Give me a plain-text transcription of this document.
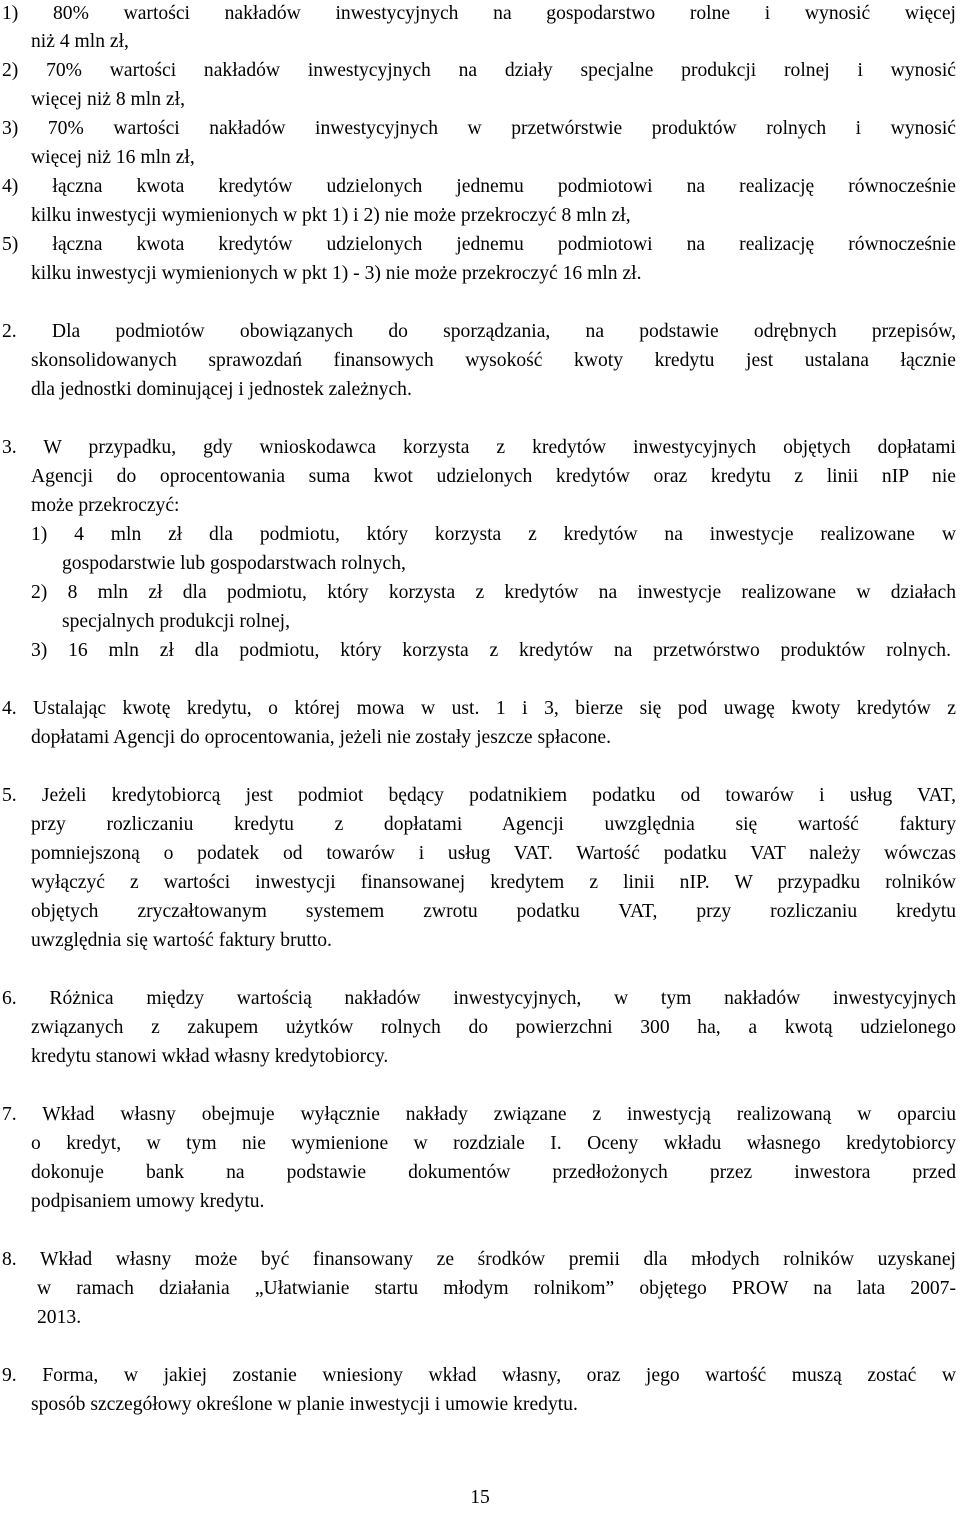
1) 80% wartości nakładów inwestycyjnych na gospodarstwo rolne i wynosić więcej
niż 4 mln zł,
2) 70% wartości nakładów inwestycyjnych na działy specjalne produkcji rolnej i wynosić
więcej niż 8 mln zł,
3) 70% wartości nakładów inwestycyjnych w przetwórstwie produktów rolnych i wynosić
więcej niż 16 mln zł,
4) łączna kwota kredytów udzielonych jednemu podmiotowi na realizację równocześnie
kilku inwestycji wymienionych w pkt 1) i 2) nie może przekroczyć 8 mln zł,
5) łączna kwota kredytów udzielonych jednemu podmiotowi na realizację równocześnie
kilku inwestycji wymienionych w pkt 1) - 3) nie może przekroczyć 16 mln zł.
2. Dla podmiotów obowiązanych do sporządzania, na podstawie odrębnych przepisów,
skonsolidowanych sprawozdań finansowych wysokość kwoty kredytu jest ustalana łącznie
dla jednostki dominującej i jednostek zależnych.
3. W przypadku, gdy wnioskodawca korzysta z kredytów inwestycyjnych objętych dopłatami
Agencji do oprocentowania suma kwot udzielonych kredytów oraz kredytu z linii nIP nie
może przekroczyć:
1) 4 mln zł dla podmiotu, który korzysta z kredytów na inwestycje realizowane w
gospodarstwie lub gospodarstwach rolnych,
2) 8 mln zł dla podmiotu, który korzysta z kredytów na inwestycje realizowane w działach
specjalnych produkcji rolnej,
3) 16 mln zł dla podmiotu, który korzysta z kredytów na przetwórstwo produktów rolnych.
4. Ustalając kwotę kredytu, o której mowa w ust. 1 i 3, bierze się pod uwagę kwoty kredytów z
dopłatami Agencji do oprocentowania, jeżeli nie zostały jeszcze spłacone.
5. Jeżeli kredytobiorcą jest podmiot będący podatnikiem podatku od towarów i usług VAT,
przy rozliczaniu kredytu z dopłatami Agencji uwzględnia się wartość faktury
pomniejszoną o podatek od towarów i usług VAT. Wartość podatku VAT należy wówczas
wyłączyć z wartości inwestycji finansowanej kredytem z linii nIP. W przypadku rolników
objętych zryczałtowanym systemem zwrotu podatku VAT, przy rozliczaniu kredytu
uwzględnia się wartość faktury brutto.
6. Różnica między wartością nakładów inwestycyjnych, w tym nakładów inwestycyjnych
związanych z zakupem użytków rolnych do powierzchni 300 ha, a kwotą udzielonego
kredytu stanowi wkład własny kredytobiorcy.
7. Wkład własny obejmuje wyłącznie nakłady związane z inwestycją realizowaną w oparciu
o kredyt, w tym nie wymienione w rozdziale I. Oceny wkładu własnego kredytobiorcy
dokonuje bank na podstawie dokumentów przedłożonych przez inwestora przed
podpisaniem umowy kredytu.
8. Wkład własny może być finansowany ze środków premii dla młodych rolników uzyskanej
w ramach działania „Ułatwianie startu młodym rolnikom” objętego PROW na lata 2007-
2013.
9. Forma, w jakiej zostanie wniesiony wkład własny, oraz jego wartość muszą zostać w
sposób szczegółowy określone w planie inwestycji i umowie kredytu.
15
